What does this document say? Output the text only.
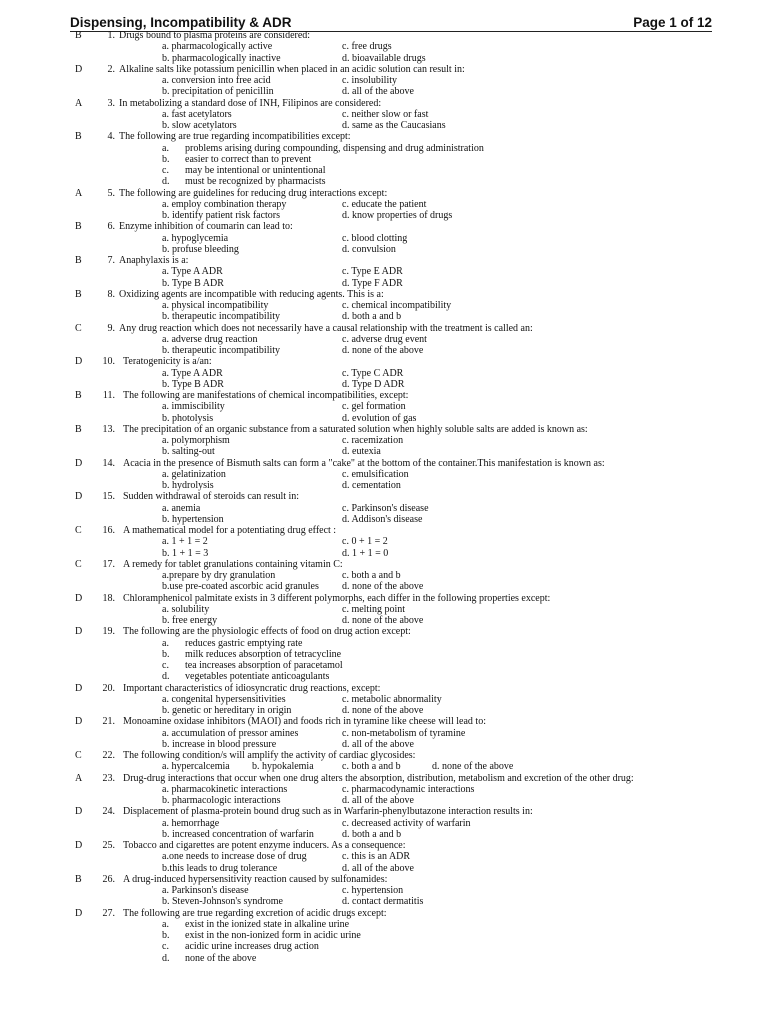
Dispensing, Incompatibility & ADR	Page 1 of 12
B	1. Drugs bound to plasma proteins are considered:
a. pharmacologically active	c. free drugs
b. pharmacologically inactive	d. bioavailable drugs
D	2. Alkaline salts like potassium penicillin when placed in an acidic solution can result in:
a. conversion into free acid	c. insolubility
b. precipitation of penicillin	d. all of the above
A	3. In metabolizing a standard dose of INH, Filipinos are considered:
a. fast acetylators	c. neither slow or fast
b. slow acetylators	d. same as the Caucasians
B	4. The following are true regarding incompatibilities except:
a. problems arising during compounding, dispensing and drug administration
b. easier to correct than to prevent
c. may be intentional or unintentional
d. must be recognized by pharmacists
A	5. The following are guidelines for reducing drug interactions except:
a. employ combination therapy	c. educate the patient
b. identify patient risk factors	d. know properties of drugs
B	6. Enzyme inhibition of coumarin can lead to:
a. hypoglycemia	c. blood clotting
b. profuse bleeding	d. convulsion
B	7. Anaphylaxis is a:
a. Type A ADR	c. Type E ADR
b. Type B ADR	d. Type F ADR
B	8. Oxidizing agents are incompatible with reducing agents. This is a:
a. physical incompatibility	c. chemical incompatibility
b. therapeutic incompatibility	d. both a and b
C	9. Any drug reaction which does not necessarily have a causal relationship with the treatment is called an:
a. adverse drug reaction	c. adverse drug event
b. therapeutic incompatibility	d. none of the above
D 10. Teratogenicity is a/an:
a. Type A ADR	c. Type C ADR
b. Type B ADR	d. Type D ADR
B 11. The following are manifestations of chemical incompatibilities, except:
a. immiscibility	c. gel formation
b. photolysis	d. evolution of gas
B 13. The precipitation of an organic substance from a saturated solution when highly soluble salts are added is known as:
a. polymorphism	c. racemization
b. salting-out	d. eutexia
D 14. Acacia in the presence of Bismuth salts can form a "cake" at the bottom of the container.This manifestation is known as:
a. gelatinization	c. emulsification
b. hydrolysis	d. cementation
D 15. Sudden withdrawal of steroids can result in:
a. anemia	c. Parkinson's disease
b. hypertension	d. Addison's disease
C 16. A mathematical model for a potentiating drug effect :
a. 1 + 1 = 2	c. 0 + 1 = 2
b. 1 + 1 = 3	d. 1 + 1 = 0
C 17. A remedy for tablet granulations containing vitamin C:
a.prepare by dry granulation	c. both a and b
b.use pre-coated ascorbic acid granules d. none of the above
D 18. Chloramphenicol palmitate exists in 3 different polymorphs, each differ in the following properties except:
a. solubility	c. melting point
b. free energy	d. none of the above
D 19. The following are the physiologic effects of food on drug action except:
a. reduces gastric emptying rate
b. milk reduces absorption of tetracycline
c. tea increases absorption of paracetamol
d. vegetables potentiate anticoagulants
D 20. Important characteristics of idiosyncratic drug reactions, except:
a. congenital hypersensitivities	c. metabolic abnormality
b. genetic or hereditary in origin	d. none of the above
D 21. Monoamine oxidase inhibitors (MAOI) and foods rich in tyramine like cheese will lead to:
a. accumulation of pressor amines	c. non-metabolism of tyramine
b. increase in blood pressure	d. all of the above
C 22. The following condition/s will amplify the activity of cardiac glycosides:
a. hypercalcemia b. hypokalemia	c. both a and b	d. none of the above
A 23. Drug-drug interactions that occur when one drug alters the absorption, distribution, metabolism and excretion of the other drug:
a. pharmacokinetic interactions	c. pharmacodynamic interactions
b. pharmacologic interactions	d. all of the above
D 24. Displacement of plasma-protein bound drug such as in Warfarin-phenylbutazone interaction results in:
a. hemorrhage	c. decreased activity of warfarin
b. increased concentration of warfarin	d. both a and b
D 25. Tobacco and cigarettes are potent enzyme inducers. As a consequence:
a.one needs to increase dose of drug	c. this is an ADR
b.this leads to drug tolerance	d. all of the above
B 26. A drug-induced hypersensitivity reaction caused by sulfonamides:
a. Parkinson's disease	c. hypertension
b. Steven-Johnson's syndrome	d. contact dermatitis
D 27. The following are true regarding excretion of acidic drugs except:
a. exist in the ionized state in alkaline urine
b. exist in the non-ionized form in acidic urine
c. acidic urine increases drug action
d. none of the above
